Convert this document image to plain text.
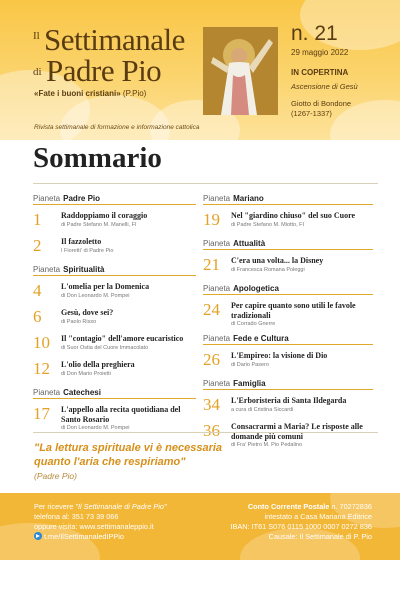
Il Settimanale
di Padre Pio
«Fate i buoni cristiani» (P.Pio)
n. 21
29 maggio 2022
IN COPERTINA
Ascensione di Gesù
Giotto di Bondone
(1267-1337)
Rivista settimanale di formazione e informazione cattolica
Sommario
Pianeta Padre Pio
1	Raddoppiamo il coraggio
di Padre Stefano M. Manelli, FI
2	Il fazzoletto
I Fioretti' di Padre Pio
Pianeta Spiritualità
4	L'omelia per la Domenica
di Don Leonardo M. Pompei
6	Gesù, dove sei?
di Paolo Risso
10	Il "contagio" dell'amore eucaristico
di Suor Ostia del Cuore Immacolato
12	L'olio della preghiera
di Don Mario Proietti
Pianeta Catechesi
17	L'appello alla recita quotidiana del Santo Rosario
di Don Leonardo M. Pompei
Pianeta Mariano
19	Nel "giardino chiuso" del suo Cuore
di Padre Stefano M. Miotto, FI
Pianeta Attualità
21	C'era una volta... la Disney
di Francesca Romana Poleggi
Pianeta Apologetica
24	Per capire quanto sono utili le favole tradizionali
di Corrado Gnerre
Pianeta Fede e Cultura
26	L'Empireo: la visione di Dio
di Dario Pasero
Pianeta Famiglia
34	L'Erboristeria di Santa Ildegarda
a cura di Cristina Siccardi
36	Consacrarmi a Maria? Le risposte alle domande più comuni
di Fra' Pietro M. Pio Pedalino
"La lettura spirituale vi è necessaria
quanto l'aria che respiriamo"
(Padre Pio)
Per ricevere "Il Settimanale di Padre Pio"
telefona al: 351 73 39 066
oppure visita: www.settimanaleppio.it
t.me/IlSettimanaledIPPio
Conto Corrente Postale n. 70272836
intestato a Casa Mariana Editrice
IBAN: IT61 S076 0115 1000 0007 0272 836
Causale: Il Settimanale di P. Pio
